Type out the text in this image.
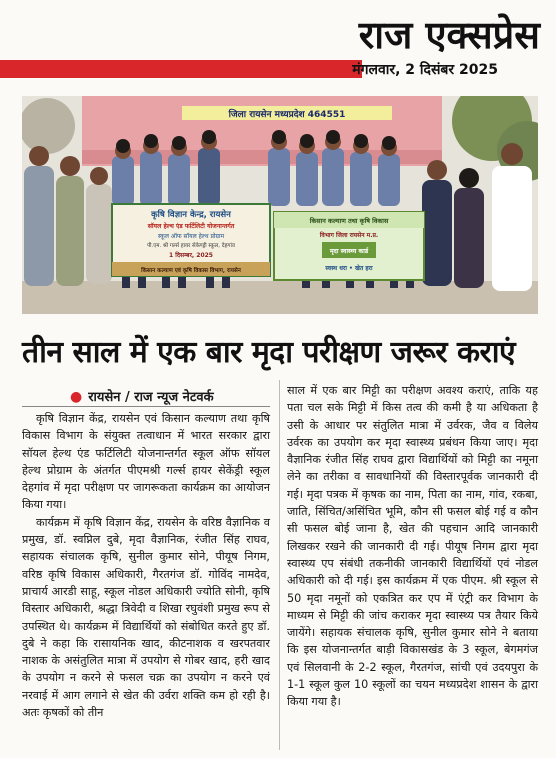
राज एक्सप्रेस
मंगलवार, 2 दिसंबर 2025
जिला रायसेन मध्यप्रदेश 464551
कृषि विज्ञान केन्द्र, रायसेन
सॉयल हेल्थ एंड फर्टिलिटी योजनान्तर्गत
स्कूल ऑफ सॉयल हेल्थ प्रोग्राम
पी.एम. श्री गर्ल्स हायर सेकेण्ड्री स्कूल, देहगांव
1 दिसम्बर, 2025
किसान कल्याण एवं कृषि विकास विभाग, रायसेन
किसान कल्याण तथा कृषि विकास
विभाग जिला रायसेन म.प्र.
मृदा स्वास्थ्य कार्ड
स्वस्थ धरा • खेत हरा
तीन साल में एक बार मृदा परीक्षण जरूर कराएं
● रायसेन / राज न्यूज नेटवर्क

कृषि विज्ञान केंद्र, रायसेन एवं किसान कल्याण तथा कृषि विकास विभाग के संयुक्त तत्वाधान में भारत सरकार द्वारा सॉयल हेल्थ एंड फर्टिलिटी योजनान्तर्गत स्कूल ऑफ सॉयल हेल्थ प्रोग्राम के अंतर्गत पीएमश्री गर्ल्स हायर सेकेंड्री स्कूल देहगांव में मृदा परीक्षण पर जागरूकता कार्यक्रम का आयोजन किया गया।

कार्यक्रम में कृषि विज्ञान केंद्र, रायसेन के वरिष्ठ वैज्ञानिक व प्रमुख, डॉ. स्वप्निल दुबे, मृदा वैज्ञानिक, रंजीत सिंह राघव, सहायक संचालक कृषि, सुनील कुमार सोने, पीयूष निगम, वरिष्ठ कृषि विकास अधिकारी, गैरतगंज डॉ. गोविंद नामदेव, प्राचार्य आरडी साहू, स्कूल नोडल अधिकारी ज्योति सोनी, कृषि विस्तार अधिकारी, श्रद्धा त्रिवेदी व शिखा रघुवंशी प्रमुख रूप से उपस्थित थे। कार्यक्रम में विद्यार्थियों को संबोधित करते हुए डॉ. दुबे ने कहा कि रासायनिक खाद, कीटनाशक व खरपतवार नाशक के असंतुलित मात्रा में उपयोग से गोबर खाद, हरी खाद के उपयोग न करने से फसल चक्र का उपयोग न करने एवं नरवाई में आग लगाने से खेत की उर्वरा शक्ति कम हो रही है। अतः कृषकों को तीन

साल में एक बार मिट्टी का परीक्षण अवश्य कराएं, ताकि यह पता चल सके मिट्टी में किस तत्व की कमी है या अधिकता है उसी के आधार पर संतुलित मात्रा में उर्वरक, जैव व विलेय उर्वरक का उपयोग कर मृदा स्वास्थ्य प्रबंधन किया जाए। मृदा वैज्ञानिक रंजीत सिंह राघव द्वारा विद्यार्थियों को मिट्टी का नमूना लेने का तरीका व सावधानियों की विस्तारपूर्वक जानकारी दी गई। मृदा पत्रक में कृषक का नाम, पिता का नाम, गांव, रकबा, जाति, सिंचित/असिंचित भूमि, कौन सी फसल बोई गई व कौन सी फसल बोई जाना है, खेत की पहचान आदि जानकारी लिखकर रखने की जानकारी दी गई। पीयूष निगम द्वारा मृदा स्वास्थ्य एप संबंधी तकनीकी जानकारी विद्यार्थियों एवं नोडल अधिकारी को दी गई। इस कार्यक्रम में एक पीएम. श्री स्कूल से 50 मृदा नमूनों को एकत्रित कर एप में एंट्री कर विभाग के माध्यम से मिट्टी की जांच कराकर मृदा स्वास्थ्य पत्र तैयार किये जायेंगे। सहायक संचालक कृषि, सुनील कुमार सोने ने बताया कि इस योजनान्तर्गत बाड़ी विकासखंड के 3 स्कूल, बेगमगंज एवं सिलवानी के 2-2 स्कूल, गैरतगंज, सांची एवं उदयपुरा के 1-1 स्कूल कुल 10 स्कूलों का चयन मध्यप्रदेश शासन के द्वारा किया गया है।
